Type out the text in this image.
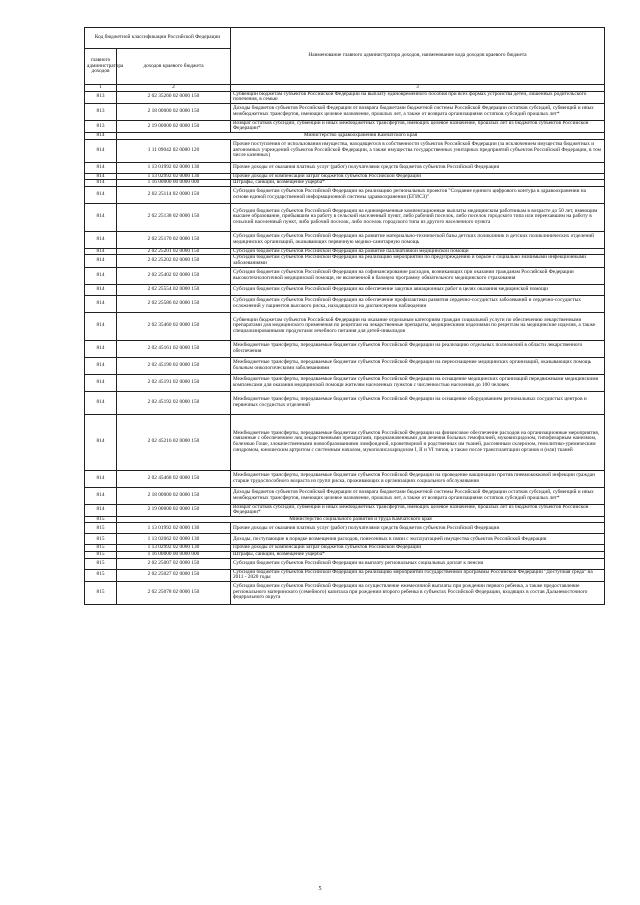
Код бюджетной классификации Российской Федерации		Наименование главного администратора доходов, наименование кода доходов краевого бюджета
главного администратора доходов	доходов краевого бюджета	
1	2	3
813	2 02 35260 02 0000 150	Субвенции бюджетам субъектов Российской Федерации на выплату единовременного пособия при всех формах устройства детей, лишенных родительского попечения, в семью
813	2 18 00000 02 0000 150	Доходы бюджетов субъектов Российской Федерации от возврата бюджетами бюджетной системы Российской Федерации остатков субсидий, субвенций и иных межбюджетных трансфертов, имеющих целевое назначение, прошлых лет, а также от возврата организациями остатков субсидий прошлых лет*
813	2 19 00000 02 0000 150	Возврат остатков субсидий, субвенций и иных межбюджетных трансфертов, имеющих целевое назначение, прошлых лет из бюджетов субъектов Российской Федерации*
814	Министерство здравоохранения Камчатского края	
814	1 11 09042 02 0000 120	Прочие поступления от использования имущества, находящегося в собственности субъектов Российской Федерации (за исключением имущества бюджетных и автономных учреждений субъектов Российской Федерации, а также имущества государственных унитарных предприятий субъектов Российской Федерации, в том числе казенных)
814	1 13 01992 02 0000 130	Прочие доходы от оказания платных услуг (работ) получателями средств бюджетов субъектов Российской Федерации
814	1 13 02992 02 0000 130	Прочие доходы от компенсации затрат бюджетов субъектов Российской Федерации
814	1 16 00000 00 0000 000	Штрафы, санкции, возмещение ущерба*
814	2 02 25114 02 0000 150	Субсидии бюджетам субъектов Российской Федерации на реализацию региональных проектов "Создание единого цифрового контура в здравоохранении на основе единой государственной информационной системы здравоохранения (ЕГИСЗ)"
814	2 02 25138 02 0000 150	Субсидии бюджетам субъектов Российской Федерации на единовременные компенсационные выплаты медицинским работникам в возрасте до 50 лет, имеющим высшее образование, прибывшим на работу в сельский населенный пункт, либо рабочий поселок, либо поселок городского типа или переехавшим на работу в сельский населенный пункт, либо рабочий поселок, либо поселок городского типа из другого населенного пункта
814	2 02 25170 02 0000 150	Субсидии бюджетам субъектов Российской Федерации на развитие материально-технической базы детских поликлиник и детских поликлинических отделений медицинских организаций, оказывающих первичную медико-санитарную помощь
814	2 02 25201 02 0000 150	Субсидии бюджетам субъектов Российской Федерации на развитие паллиативной медицинской помощи
814	2 02 25202 02 0000 150	Субсидии бюджетам субъектов Российской Федерации на реализацию мероприятий по предупреждению и борьбе с социально значимыми инфекционными заболеваниями
814	2 02 25402 02 0000 150	Субсидии бюджетам субъектов Российской Федерации на софинансирование расходов, возникающих при оказании гражданам Российской Федерации высокотехнологичной медицинской помощи, не включенной в базовую программу обязательного медицинского страхования
814	2 02 25554 02 0000 150	Субсидии бюджетам субъектов Российской Федерации на обеспечение закупки авиационных работ в целях оказания медицинской помощи
814	2 02 25586 02 0000 150	Субсидии бюджетам субъектов Российской Федерации на обеспечение профилактики развития сердечно-сосудистых заболеваний и сердечно-сосудистых осложнений у пациентов высокого риска, находящихся на диспансерном наблюдении
814	2 02 35460 02 0000 150	Субвенции бюджетам субъектов Российской Федерации на оказание отдельным категориям граждан социальной услуги по обеспечению лекарственными препаратами для медицинского применения по рецептам на лекарственные препараты, медицинскими изделиями по рецептам на медицинские изделия, а также специализированными продуктами лечебного питания для детей-инвалидов
814	2 02 45161 02 0000 150	Межбюджетные трансферты, передаваемые бюджетам субъектов Российской Федерации на реализацию отдельных полномочий в области лекарственного обеспечения
814	2 02 45190 02 0000 150	Межбюджетные трансферты, передаваемые бюджетам субъектов Российской Федерации на переоснащение медицинских организаций, оказывающих помощь больным онкологическими заболеваниями
814	2 02 45191 02 0000 150	Межбюджетные трансферты, передаваемые бюджетам субъектов Российской Федерации на оснащение медицинских организаций передвижными медицинскими комплексами для оказания медицинской помощи жителям населенных пунктов с численностью населения до 100 человек
814	2 02 45192 02 0000 150	Межбюджетные трансферты, передаваемые бюджетам субъектов Российской Федерации на оснащение оборудованием региональных сосудистых центров и первичных сосудистых отделений
814	2 02 45216 02 0000 150	Межбюджетные трансферты, передаваемые бюджетам субъектов Российской Федерации на финансовое обеспечение расходов на организационные мероприятия, связанные с обеспечением лиц лекарственными препаратами, предназначенными для лечения больных гемофилией, муковисцидозом, гипофизарным нанизмом, болезнью Гоше, злокачественными новообразованиями лимфоидной, кроветворной и родственных им тканей, рассеянным склерозом, гемолитико-уремическим синдромом, юношеским артритом с системным началом, мукополисахаридозом I, II и VI типов, а также после трансплантации органов и (или) тканей
814	2 02 45468 02 0000 150	Межбюджетные трансферты, передаваемые бюджетам субъектов Российской Федерации на проведение вакцинации против пневмококковой инфекции граждан старше трудоспособного возраста из групп риска, проживающих в организациях социального обслуживания
814	2 18 00000 02 0000 150	Доходы бюджетов субъектов Российской Федерации от возврата бюджетами бюджетной системы Российской Федерации остатков субсидий, субвенций и иных межбюджетных трансфертов, имеющих целевое назначение, прошлых лет, а также от возврата организациями остатков субсидий прошлых лет*
814	2 19 00000 02 0000 150	Возврат остатков субсидий, субвенций и иных межбюджетных трансфертов, имеющих целевое назначение, прошлых лет из бюджетов субъектов Российской Федерации*
815	Министерство социального развития и труда Камчатского края	
815	1 13 01992 02 0000 130	Прочие доходы от оказания платных услуг (работ) получателями средств бюджетов субъектов Российской Федерации
815	1 13 02062 02 0000 130	Доходы, поступающие в порядке возмещения расходов, понесенных в связи с эксплуатацией имущества субъектов Российской Федерации
815	1 13 02992 02 0000 130	Прочие доходы от компенсации затрат бюджетов субъектов Российской Федерации
815	1 16 00000 00 0000 000	Штрафы, санкции, возмещение ущерба*
815	2 02 25007 02 0000 150	Субсидии бюджетам субъектов Российской Федерации на выплату региональных социальных доплат к пенсии
815	2 02 25027 02 0000 150	Субсидии бюджетам субъектов Российской Федерации на реализацию мероприятий государственной программы Российской Федерации "Доступная среда" на 2011 - 2020 годы
815	2 02 25078 02 0000 150	Субсидии бюджетам субъектов Российской Федерации на осуществление ежемесячной выплаты при рождении первого ребенка, а также предоставление регионального материнского (семейного) капитала при рождении второго ребенка в субъектах Российской Федерации, входящих в состав Дальневосточного федерального округа
5
